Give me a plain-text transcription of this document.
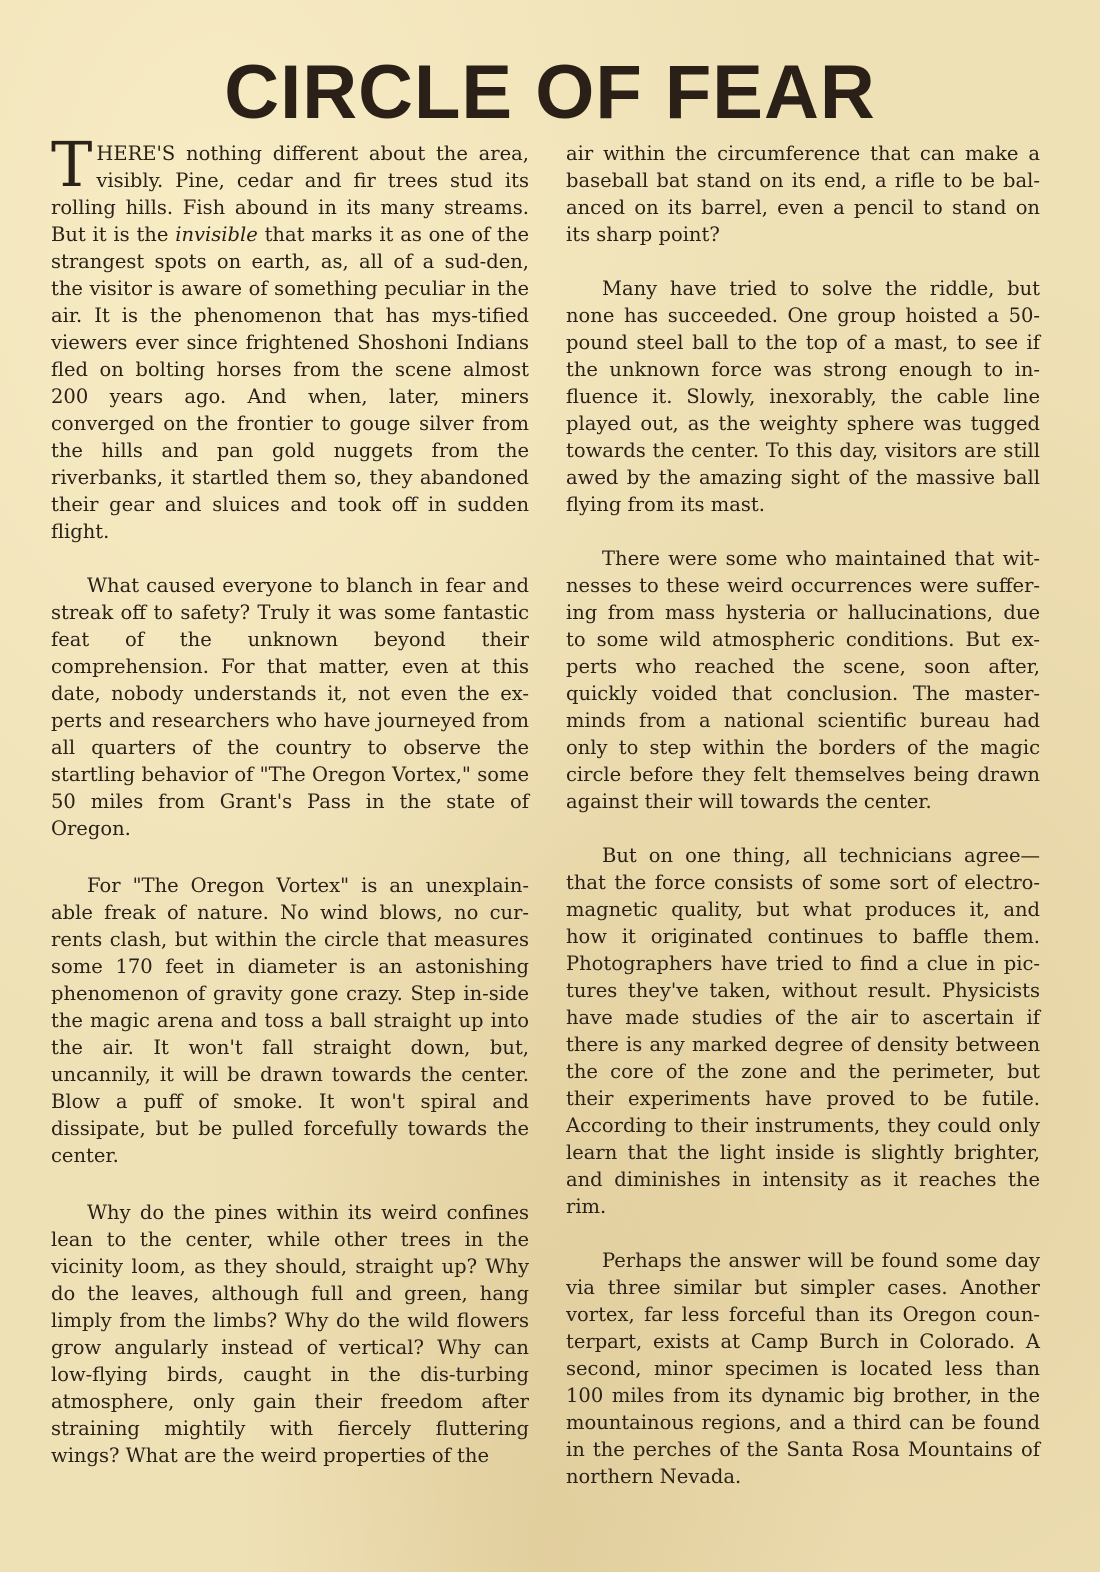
CIRCLE OF FEAR

THERE'S nothing different about the area, visibly. Pine, cedar and fir trees stud its rolling hills. Fish abound in its many streams. But it is the invisible that marks it as one of the strangest spots on earth, as, all of a sud-den, the visitor is aware of something peculiar in the air. It is the phenomenon that has mys-tified viewers ever since frightened Shoshoni Indians fled on bolting horses from the scene almost 200 years ago. And when, later, miners converged on the frontier to gouge silver from the hills and pan gold nuggets from the riverbanks, it startled them so, they abandoned their gear and sluices and took off in sudden flight.

What caused everyone to blanch in fear and streak off to safety? Truly it was some fantastic feat of the unknown beyond their comprehension. For that matter, even at this date, nobody understands it, not even the ex-perts and researchers who have journeyed from all quarters of the country to observe the startling behavior of "The Oregon Vortex," some 50 miles from Grant's Pass in the state of Oregon.

For "The Oregon Vortex" is an unexplain-able freak of nature. No wind blows, no cur-rents clash, but within the circle that measures some 170 feet in diameter is an astonishing phenomenon of gravity gone crazy. Step in-side the magic arena and toss a ball straight up into the air. It won't fall straight down, but, uncannily, it will be drawn towards the center. Blow a puff of smoke. It won't spiral and dissipate, but be pulled forcefully towards the center.

Why do the pines within its weird confines lean to the center, while other trees in the vicinity loom, as they should, straight up? Why do the leaves, although full and green, hang limply from the limbs? Why do the wild flowers grow angularly instead of vertical? Why can low-flying birds, caught in the dis-turbing atmosphere, only gain their freedom after straining mightily with fiercely fluttering wings? What are the weird properties of the

air within the circumference that can make a baseball bat stand on its end, a rifle to be bal-anced on its barrel, even a pencil to stand on its sharp point?

Many have tried to solve the riddle, but none has succeeded. One group hoisted a 50-pound steel ball to the top of a mast, to see if the unknown force was strong enough to in-fluence it. Slowly, inexorably, the cable line played out, as the weighty sphere was tugged towards the center. To this day, visitors are still awed by the amazing sight of the massive ball flying from its mast.

There were some who maintained that wit-nesses to these weird occurrences were suffer-ing from mass hysteria or hallucinations, due to some wild atmospheric conditions. But ex-perts who reached the scene, soon after, quickly voided that conclusion. The master-minds from a national scientific bureau had only to step within the borders of the magic circle before they felt themselves being drawn against their will towards the center.

But on one thing, all technicians agree— that the force consists of some sort of electro-magnetic quality, but what produces it, and how it originated continues to baffle them. Photographers have tried to find a clue in pic-tures they've taken, without result. Physicists have made studies of the air to ascertain if there is any marked degree of density between the core of the zone and the perimeter, but their experiments have proved to be futile. According to their instruments, they could only learn that the light inside is slightly brighter, and diminishes in intensity as it reaches the rim.

Perhaps the answer will be found some day via three similar but simpler cases. Another vortex, far less forceful than its Oregon coun-terpart, exists at Camp Burch in Colorado. A second, minor specimen is located less than 100 miles from its dynamic big brother, in the mountainous regions, and a third can be found in the perches of the Santa Rosa Mountains of northern Nevada.
